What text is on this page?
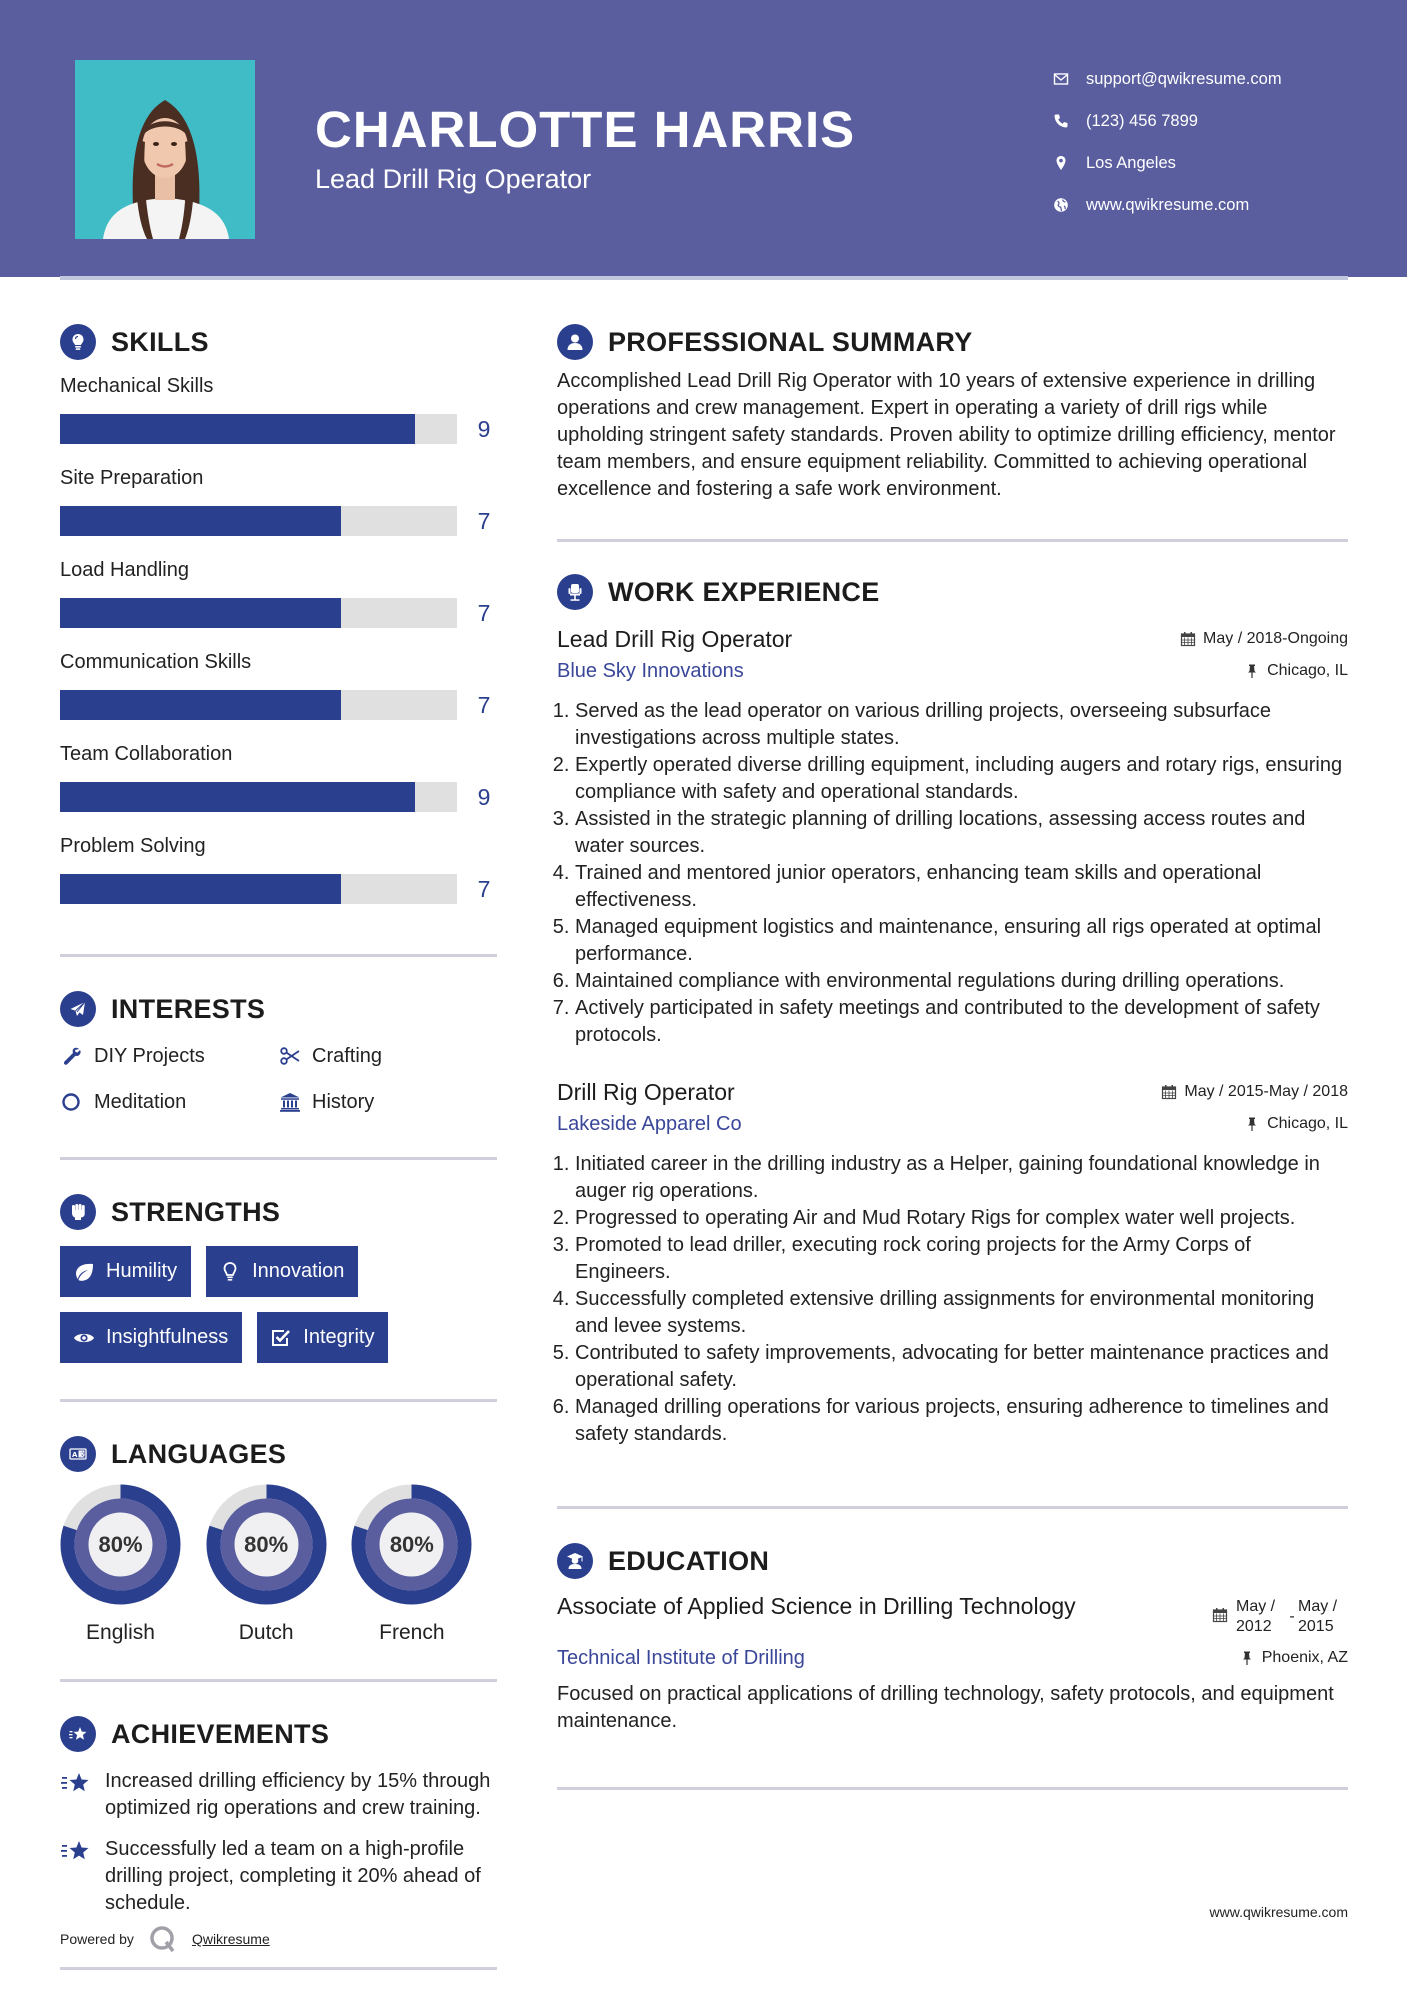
CHARLOTTE HARRIS
Lead Drill Rig Operator
support@qwikresume.com
(123) 456 7899
Los Angeles
www.qwikresume.com
SKILLS
Mechanical Skills
9
Site Preparation
7
Load Handling
7
Communication Skills
7
Team Collaboration
9
Problem Solving
7
INTERESTS
DIY Projects	Crafting
Meditation	History
STRENGTHS
Humility	Innovation
Insightfulness	Integrity
A 文 LANGUAGES
80%
English
80%
Dutch
80%
French
ACHIEVEMENTS
Increased drilling efficiency by 15% through optimized rig operations and crew training.
Successfully led a team on a high-profile drilling project, completing it 20% ahead of schedule.
Powered by	Qwikresume
PROFESSIONAL SUMMARY

Accomplished Lead Drill Rig Operator with 10 years of extensive experience in drilling operations and crew management. Expert in operating a variety of drill rigs while upholding stringent safety standards. Proven ability to optimize drilling efficiency, mentor team members, and ensure equipment reliability. Committed to achieving operational excellence and fostering a safe work environment.

WORK EXPERIENCE
Lead Drill Rig Operator	May / 2018-Ongoing
Blue Sky Innovations	Chicago, IL
1. Served as the lead operator on various drilling projects, overseeing subsurface investigations across multiple states.
2. Expertly operated diverse drilling equipment, including augers and rotary rigs, ensuring compliance with safety and operational standards.
3. Assisted in the strategic planning of drilling locations, assessing access routes and water sources.
4. Trained and mentored junior operators, enhancing team skills and operational effectiveness.
5. Managed equipment logistics and maintenance, ensuring all rigs operated at optimal performance.
6. Maintained compliance with environmental regulations during drilling operations.
7. Actively participated in safety meetings and contributed to the development of safety protocols.
Drill Rig Operator	May / 2015-May / 2018
Lakeside Apparel Co	Chicago, IL
1. Initiated career in the drilling industry as a Helper, gaining foundational knowledge in auger rig operations.
2. Progressed to operating Air and Mud Rotary Rigs for complex water well projects.
3. Promoted to lead driller, executing rock coring projects for the Army Corps of Engineers.
4. Successfully completed extensive drilling assignments for environmental monitoring and levee systems.
5. Contributed to safety improvements, advocating for better maintenance practices and operational safety.
6. Managed drilling operations for various projects, ensuring adherence to timelines and safety standards.
EDUCATION
Associate of Applied Science in Drilling Technology	May / 2012
-
May / 2015
Technical Institute of Drilling	Phoenix, AZ

Focused on practical applications of drilling technology, safety protocols, and equipment maintenance.

www.qwikresume.com
